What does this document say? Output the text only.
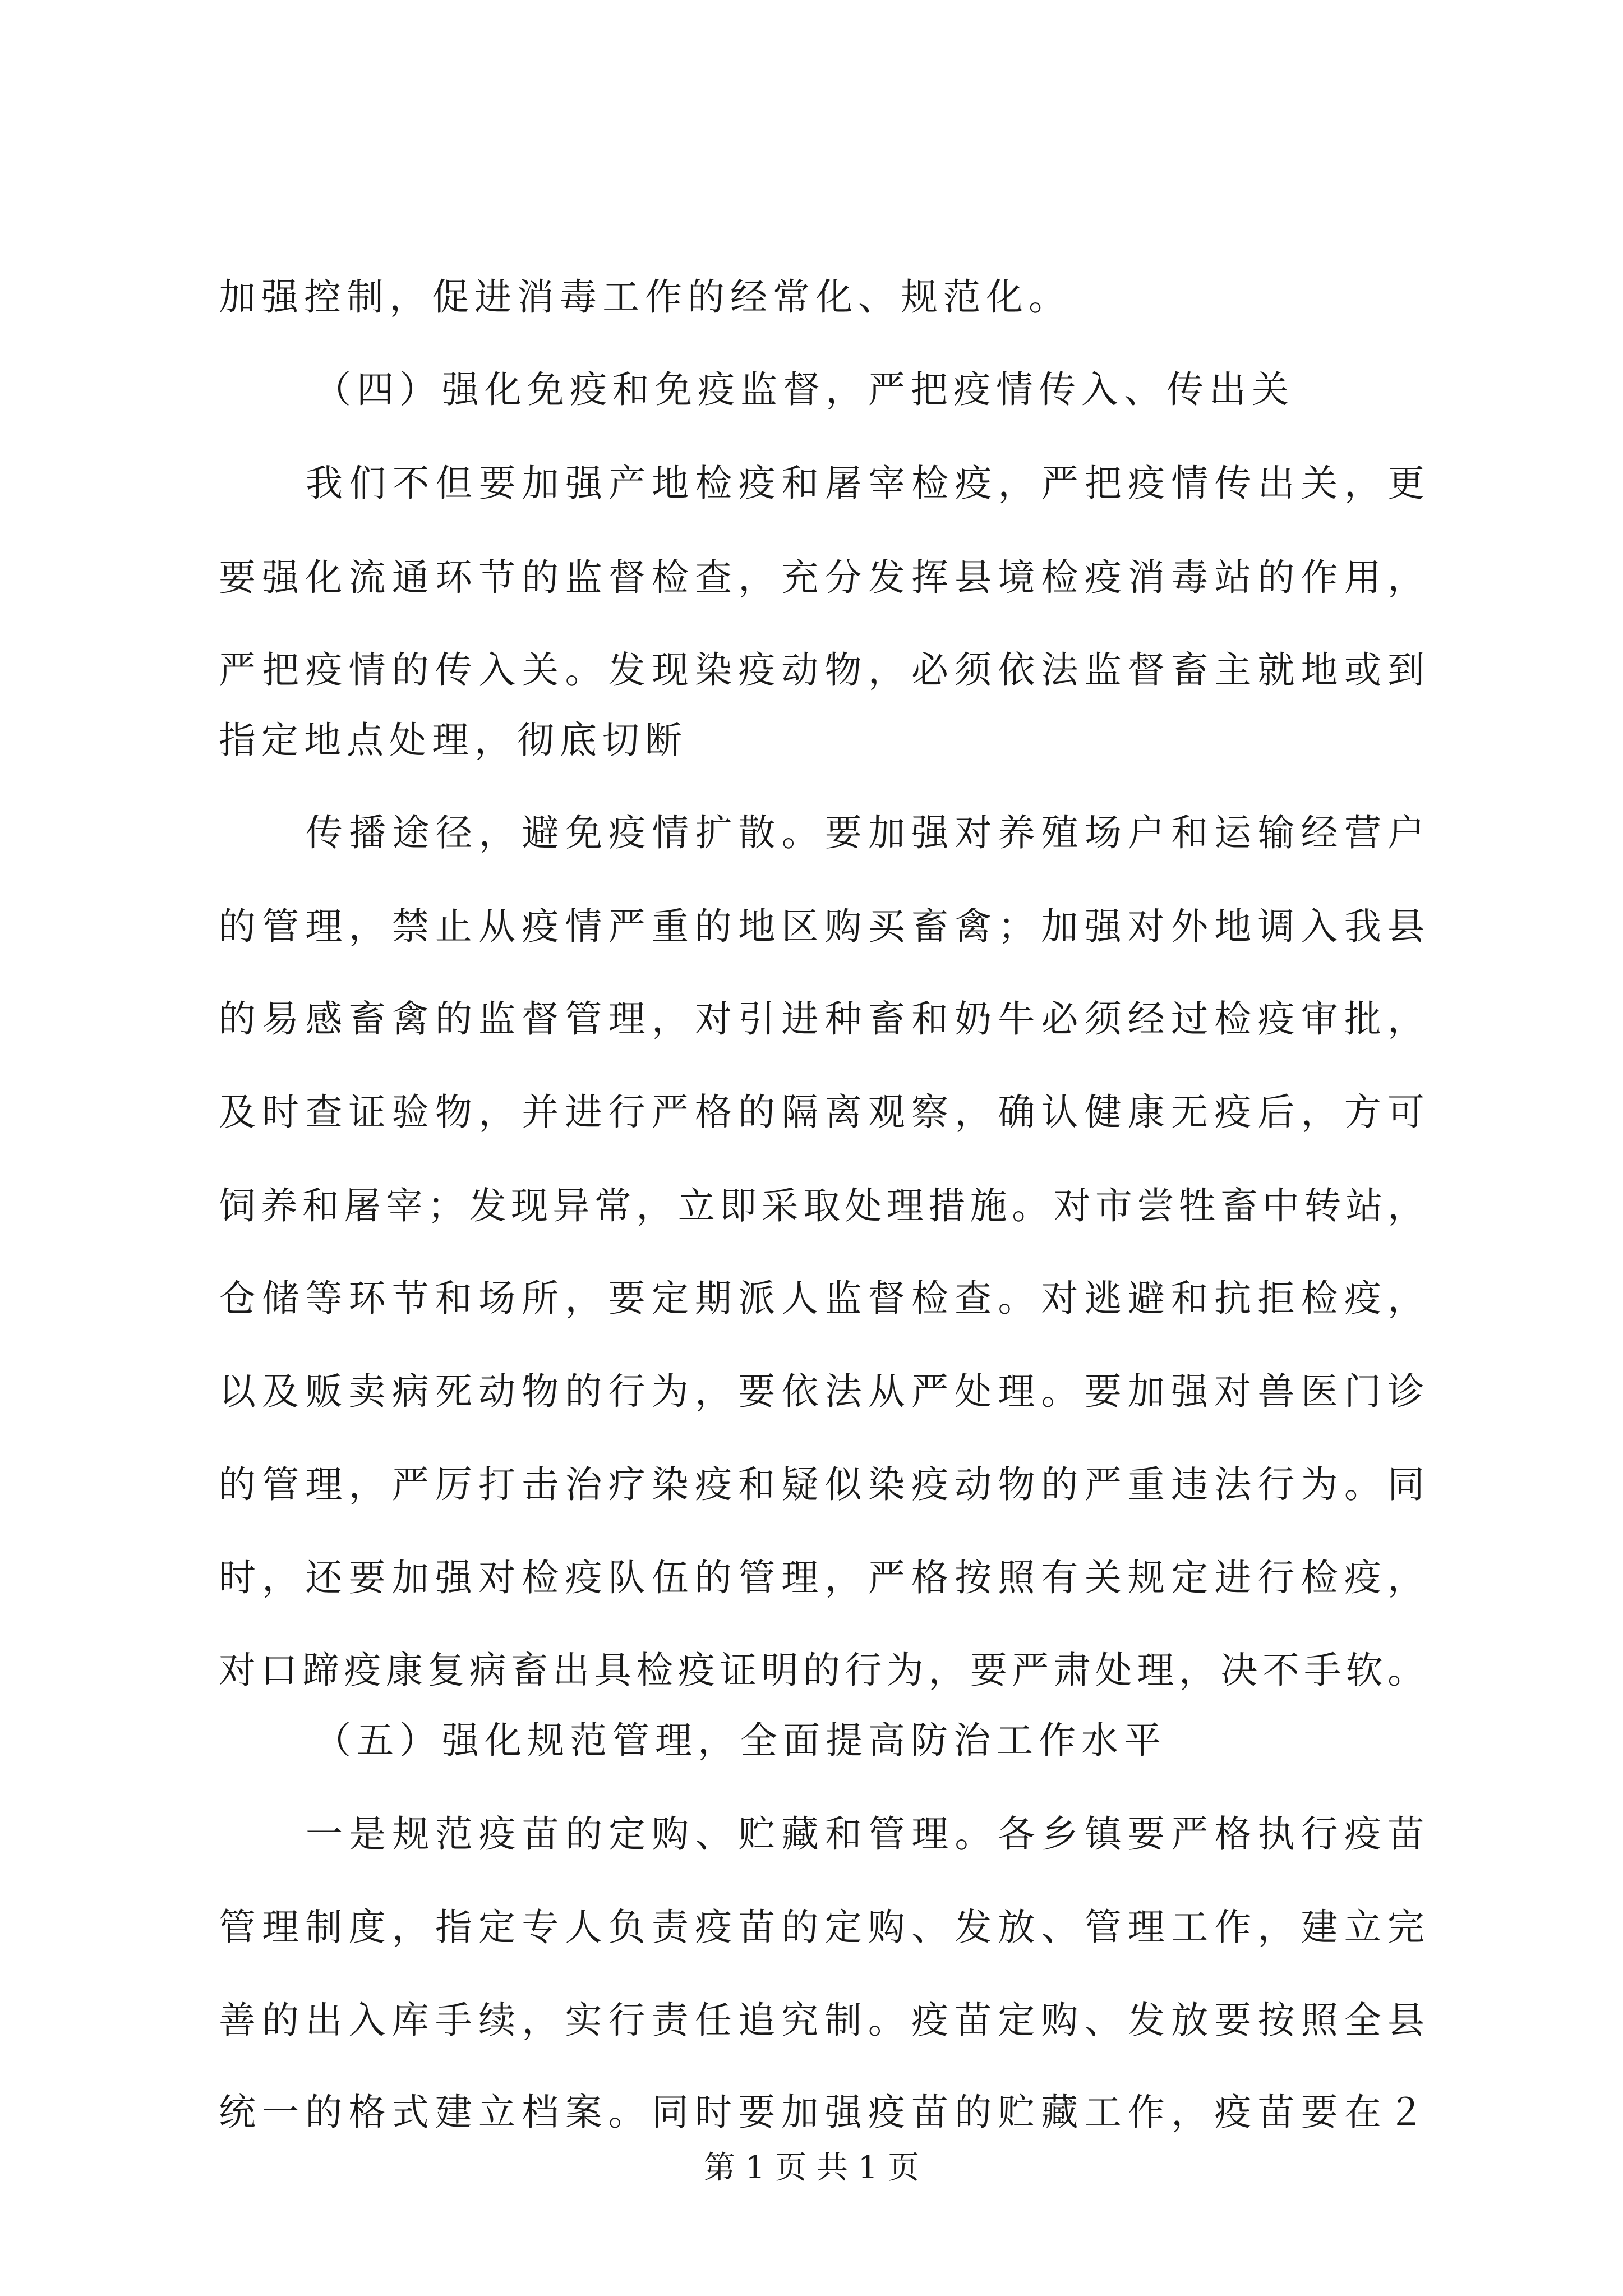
加强控制，促进消毒工作的经常化、规范化。
（四）强化免疫和免疫监督，严把疫情传入、传出关
我们不但要加强产地检疫和屠宰检疫，严把疫情传出关，更
要强化流通环节的监督检查，充分发挥县境检疫消毒站的作用，
严把疫情的传入关。发现染疫动物，必须依法监督畜主就地或到
指定地点处理，彻底切断
传播途径，避免疫情扩散。要加强对养殖场户和运输经营户
的管理，禁止从疫情严重的地区购买畜禽；加强对外地调入我县
的易感畜禽的监督管理，对引进种畜和奶牛必须经过检疫审批，
及时查证验物，并进行严格的隔离观察，确认健康无疫后，方可
饲养和屠宰；发现异常，立即采取处理措施。对市尝牲畜中转站，
仓储等环节和场所，要定期派人监督检查。对逃避和抗拒检疫，
以及贩卖病死动物的行为，要依法从严处理。要加强对兽医门诊
的管理，严厉打击治疗染疫和疑似染疫动物的严重违法行为。同
时，还要加强对检疫队伍的管理，严格按照有关规定进行检疫，
对口蹄疫康复病畜出具检疫证明的行为，要严肃处理，决不手软。
（五）强化规范管理，全面提高防治工作水平
一是规范疫苗的定购、贮藏和管理。各乡镇要严格执行疫苗
管理制度，指定专人负责疫苗的定购、发放、管理工作，建立完
善的出入库手续，实行责任追究制。疫苗定购、发放要按照全县
统一的格式建立档案。同时要加强疫苗的贮藏工作，疫苗要在２
第 1 页 共 1 页
